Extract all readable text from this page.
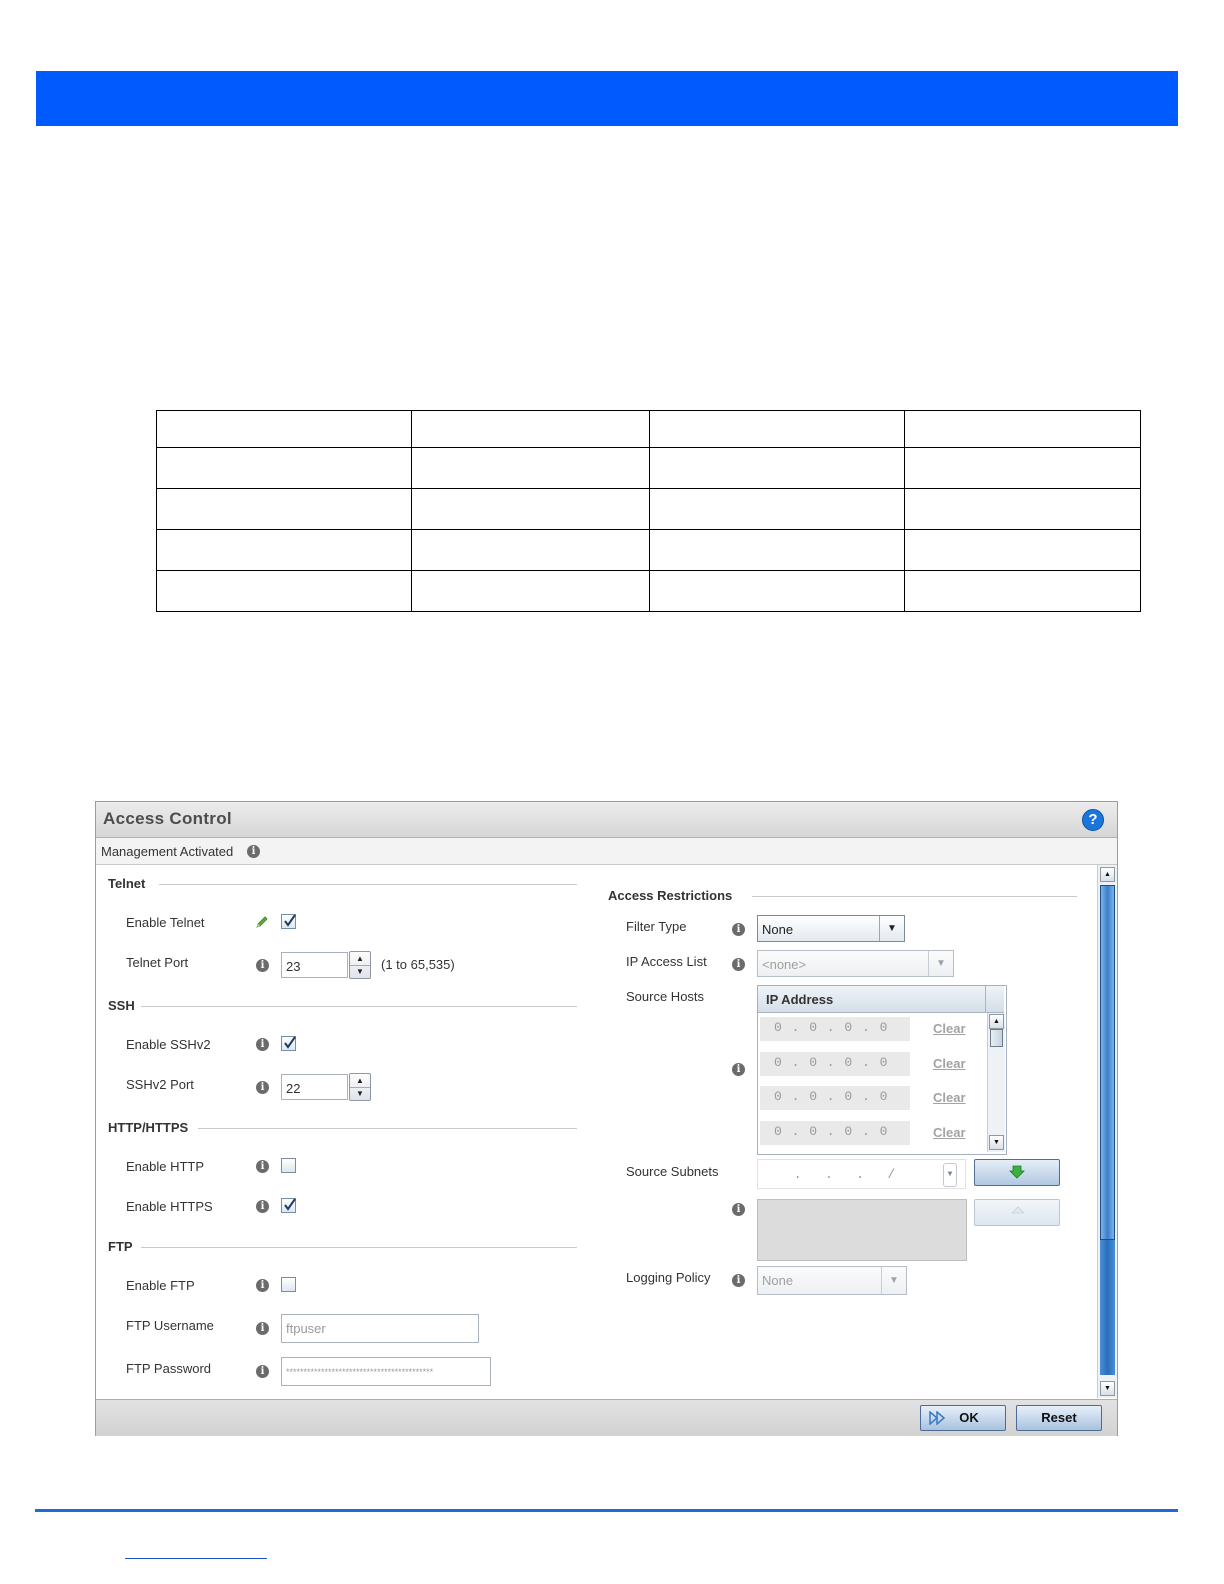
Access Control	?
Management Activated	i
Telnet
Enable Telnet
Telnet Port	i	23
▲
▼	(1 to 65,535)
SSH
Enable SSHv2	i
SSHv2 Port	i	22
▲
▼
HTTP/HTTPS
Enable HTTP	i
Enable HTTPS	i
FTP
Enable FTP	i
FTP Username	i	ftpuser
FTP Password	i	******************************************
Access Restrictions
Filter Type	i	None	▼
IP Access List	i	<none>	▼
Source Hosts
i
IP Address
0 . 0 . 0 . 0	Clear
0 . 0 . 0 . 0	Clear
0 . 0 . 0 . 0	Clear
0 . 0 . 0 . 0	Clear
▲
▼
Source Subnets	.   .   .   /	▼
i
Logging Policy	i	None	▼
▲
▼
OK	Reset
